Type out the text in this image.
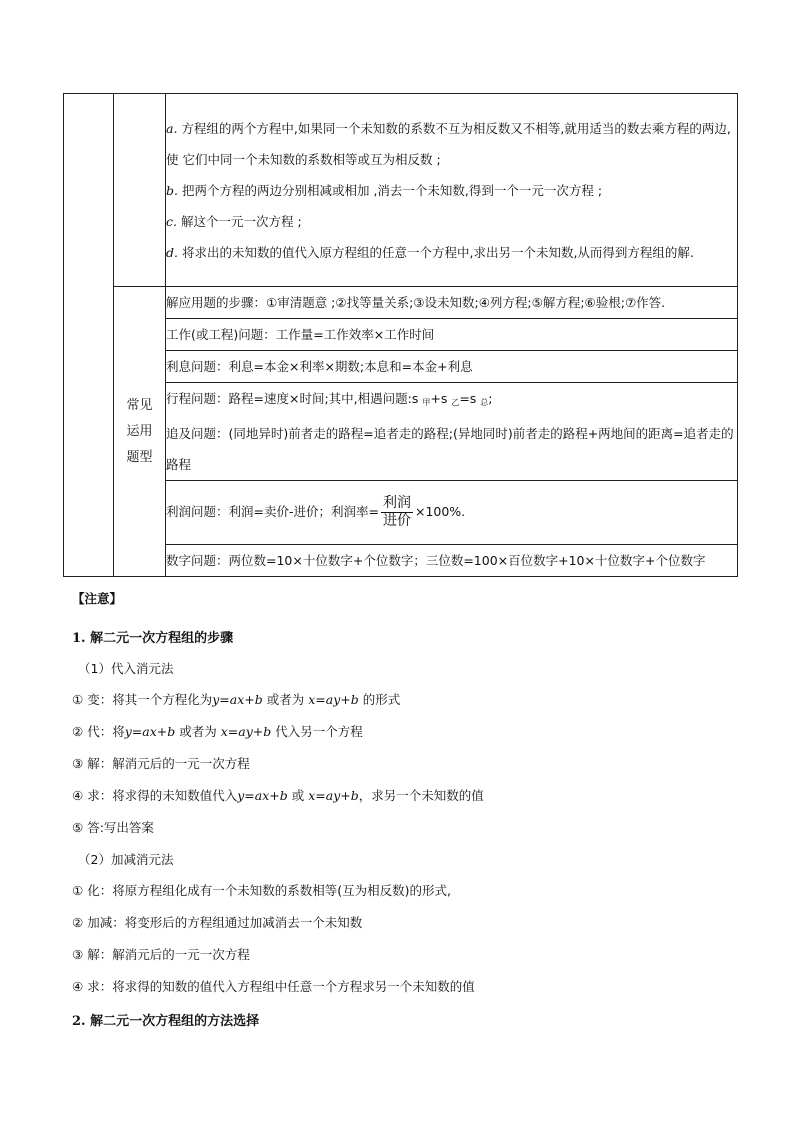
		a. 方程组的两个方程中,如果同一个未知数的系数不互为相反数又不相等,就用适当的数去乘方程的两边,使 它们中同一个未知数的系数相等或互为相反数 ;

b. 把两个方程的两边分别相减或相加 ,消去一个未知数,得到一个一元一次方程 ;

c. 解这个一元一次方程 ;

d. 将求出的未知数的值代入原方程组的任意一个方程中,求出另一个未知数,从而得到方程组的解.

	常见
运用
题型	解应用题的步骤：①审清题意 ;②找等量关系;③设未知数;④列方程;⑤解方程;⑥验根;⑦作答.
		工作(或工程)问题：工作量=工作效率×工作时间
		利息问题：利息=本金×利率×期数;本息和=本金+利息

		行程问题：路程=速度×时间;其中,相遇问题:s $_甲$+s $_乙$=s $_总$;

追及问题：(同地异时)前者走的路程=追者走的路程;(异地同时)前者走的路程+两地间的距离=追者走的路程

		利润问题：利润=卖价-进价；利润率= $\frac{\text{利润}}{\text{进价}} \times 100\%$.
		数字问题：两位数=10×十位数字+个位数字；三位数=100×百位数字+10×十位数字+个位数字
【注意】
1. 解二元一次方程组的步骤
（1）代入消元法
① 变：将其一个方程化为y=ax+b 或者为 x=ay+b 的形式
② 代：将y=ax+b 或者为 x=ay+b 代入另一个方程
③ 解：解消元后的一元一次方程
④ 求：将求得的未知数值代入y=ax+b 或 x=ay+b，求另一个未知数的值
⑤ 答:写出答案
（2）加减消元法
① 化：将原方程组化成有一个未知数的系数相等(互为相反数)的形式,
② 加减：将变形后的方程组通过加减消去一个未知数
③ 解：解消元后的一元一次方程
④ 求：将求得的知数的值代入方程组中任意一个方程求另一个未知数的值
2. 解二元一次方程组的方法选择
